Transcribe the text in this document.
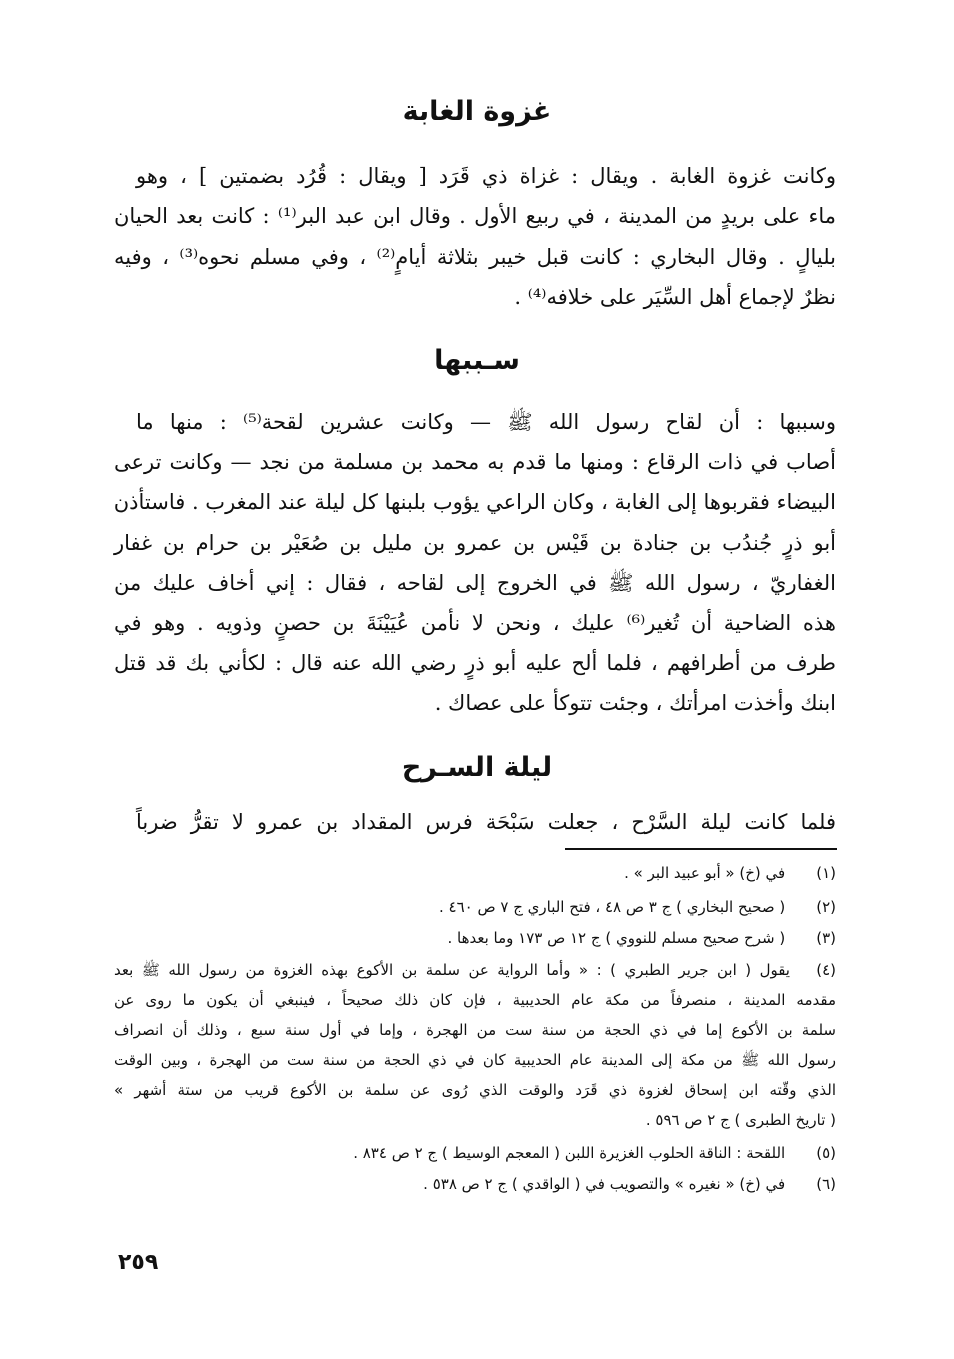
غزوة الغابة
وكانت غزوة الغابة . ويقال : غزاة ذي قَرَد [ ويقال : قُرُد بضمتين ] ، وهو
ماء على بريدٍ من المدينة ، في ربيع الأول . وقال ابن عبد البر⁽¹⁾ : كانت بعد الحيان
بليالٍ . وقال البخاري : كانت قبل خيبر بثلاثة أيامٍ⁽²⁾ ، وفي مسلم نحوه⁽³⁾ ، وفيه
نظرٌ لإجماع أهل السِّيَر على خلافه⁽⁴⁾ .
سـببها
وسببها : أن لقاح رسول الله ﷺ — وكانت عشرين لقحة⁽⁵⁾ : منها ما
أصاب في ذات الرقاع : ومنها ما قدم به محمد بن مسلمة من نجد — وكانت ترعى
البيضاء فقربوها إلى الغابة ، وكان الراعي يؤوب بلبنها كل ليلة عند المغرب . فاستأذن
أبو ذرٍ جُندُب بن جنادة بن قَيْس بن عمرو بن مليل بن صُعَيْر بن حرام بن غفار
الغفاريّ ، رسول الله ﷺ في الخروج إلى لقاحه ، فقال : إني أخاف عليك من
هذه الضاحية أن تُغير⁽⁶⁾ عليك ، ونحن لا نأمن عُيَيْنَةَ بن حصنٍ وذويه . وهو في
طرف من أطرافهم ، فلما ألح عليه أبو ذرٍ رضي الله عنه قال : لكأني بك قد قتل
ابنك وأخذت امرأتك ، وجئت تتوكأ على عصاك .
ليلة السـرح
فلما كانت ليلة السَّرْح ، جعلت سَبْحَة فرس المقداد بن عمرو لا تقرُّ ضرباً
(١) في (خ) « أبو عبيد البر » .
(٢) ( صحيح البخاري ) ج ٣ ص ٤٨ ، فتح الباري ج ٧ ص ٤٦٠ .
(٣) ( شرح صحيح مسلم للنووي ) ج ١٢ ص ١٧٣ وما بعدها .
(٤)
يقول ( ابن جرير الطبري ) : « وأما الرواية عن سلمة بن الأكوع بهذه الغزوة من رسول الله ﷺ بعد
مقدمه المدينة ، منصرفاً من مكة عام الحديبية ، فإن كان ذلك صحيحاً ، فينبغي أن يكون ما روى عن
سلمة بن الأكوع إما في ذي الحجة من سنة ست من الهجرة ، وإما في أول سنة سبع ، وذلك أن انصراف
رسول الله ﷺ من مكة إلى المدينة عام الحديبية كان في ذي الحجة من سنة ست من الهجرة ، وبين الوقت
الذي وقّته ابن إسحاق لغزوة ذي قَرَد والوقت الذي رُوى عن سلمة بن الأكوع قريب من ستة أشهر »
( تاريخ الطبرى ) ج ٢ ص ٥٩٦ .
(٥) اللقحة : الناقة الحلوب الغزيرة اللبن ( المعجم الوسيط ) ج ٢ ص ٨٣٤ .
(٦) في (خ) « نغيره » والتصويب في ( الواقدي ) ج ٢ ص ٥٣٨ .
٢٥٩
